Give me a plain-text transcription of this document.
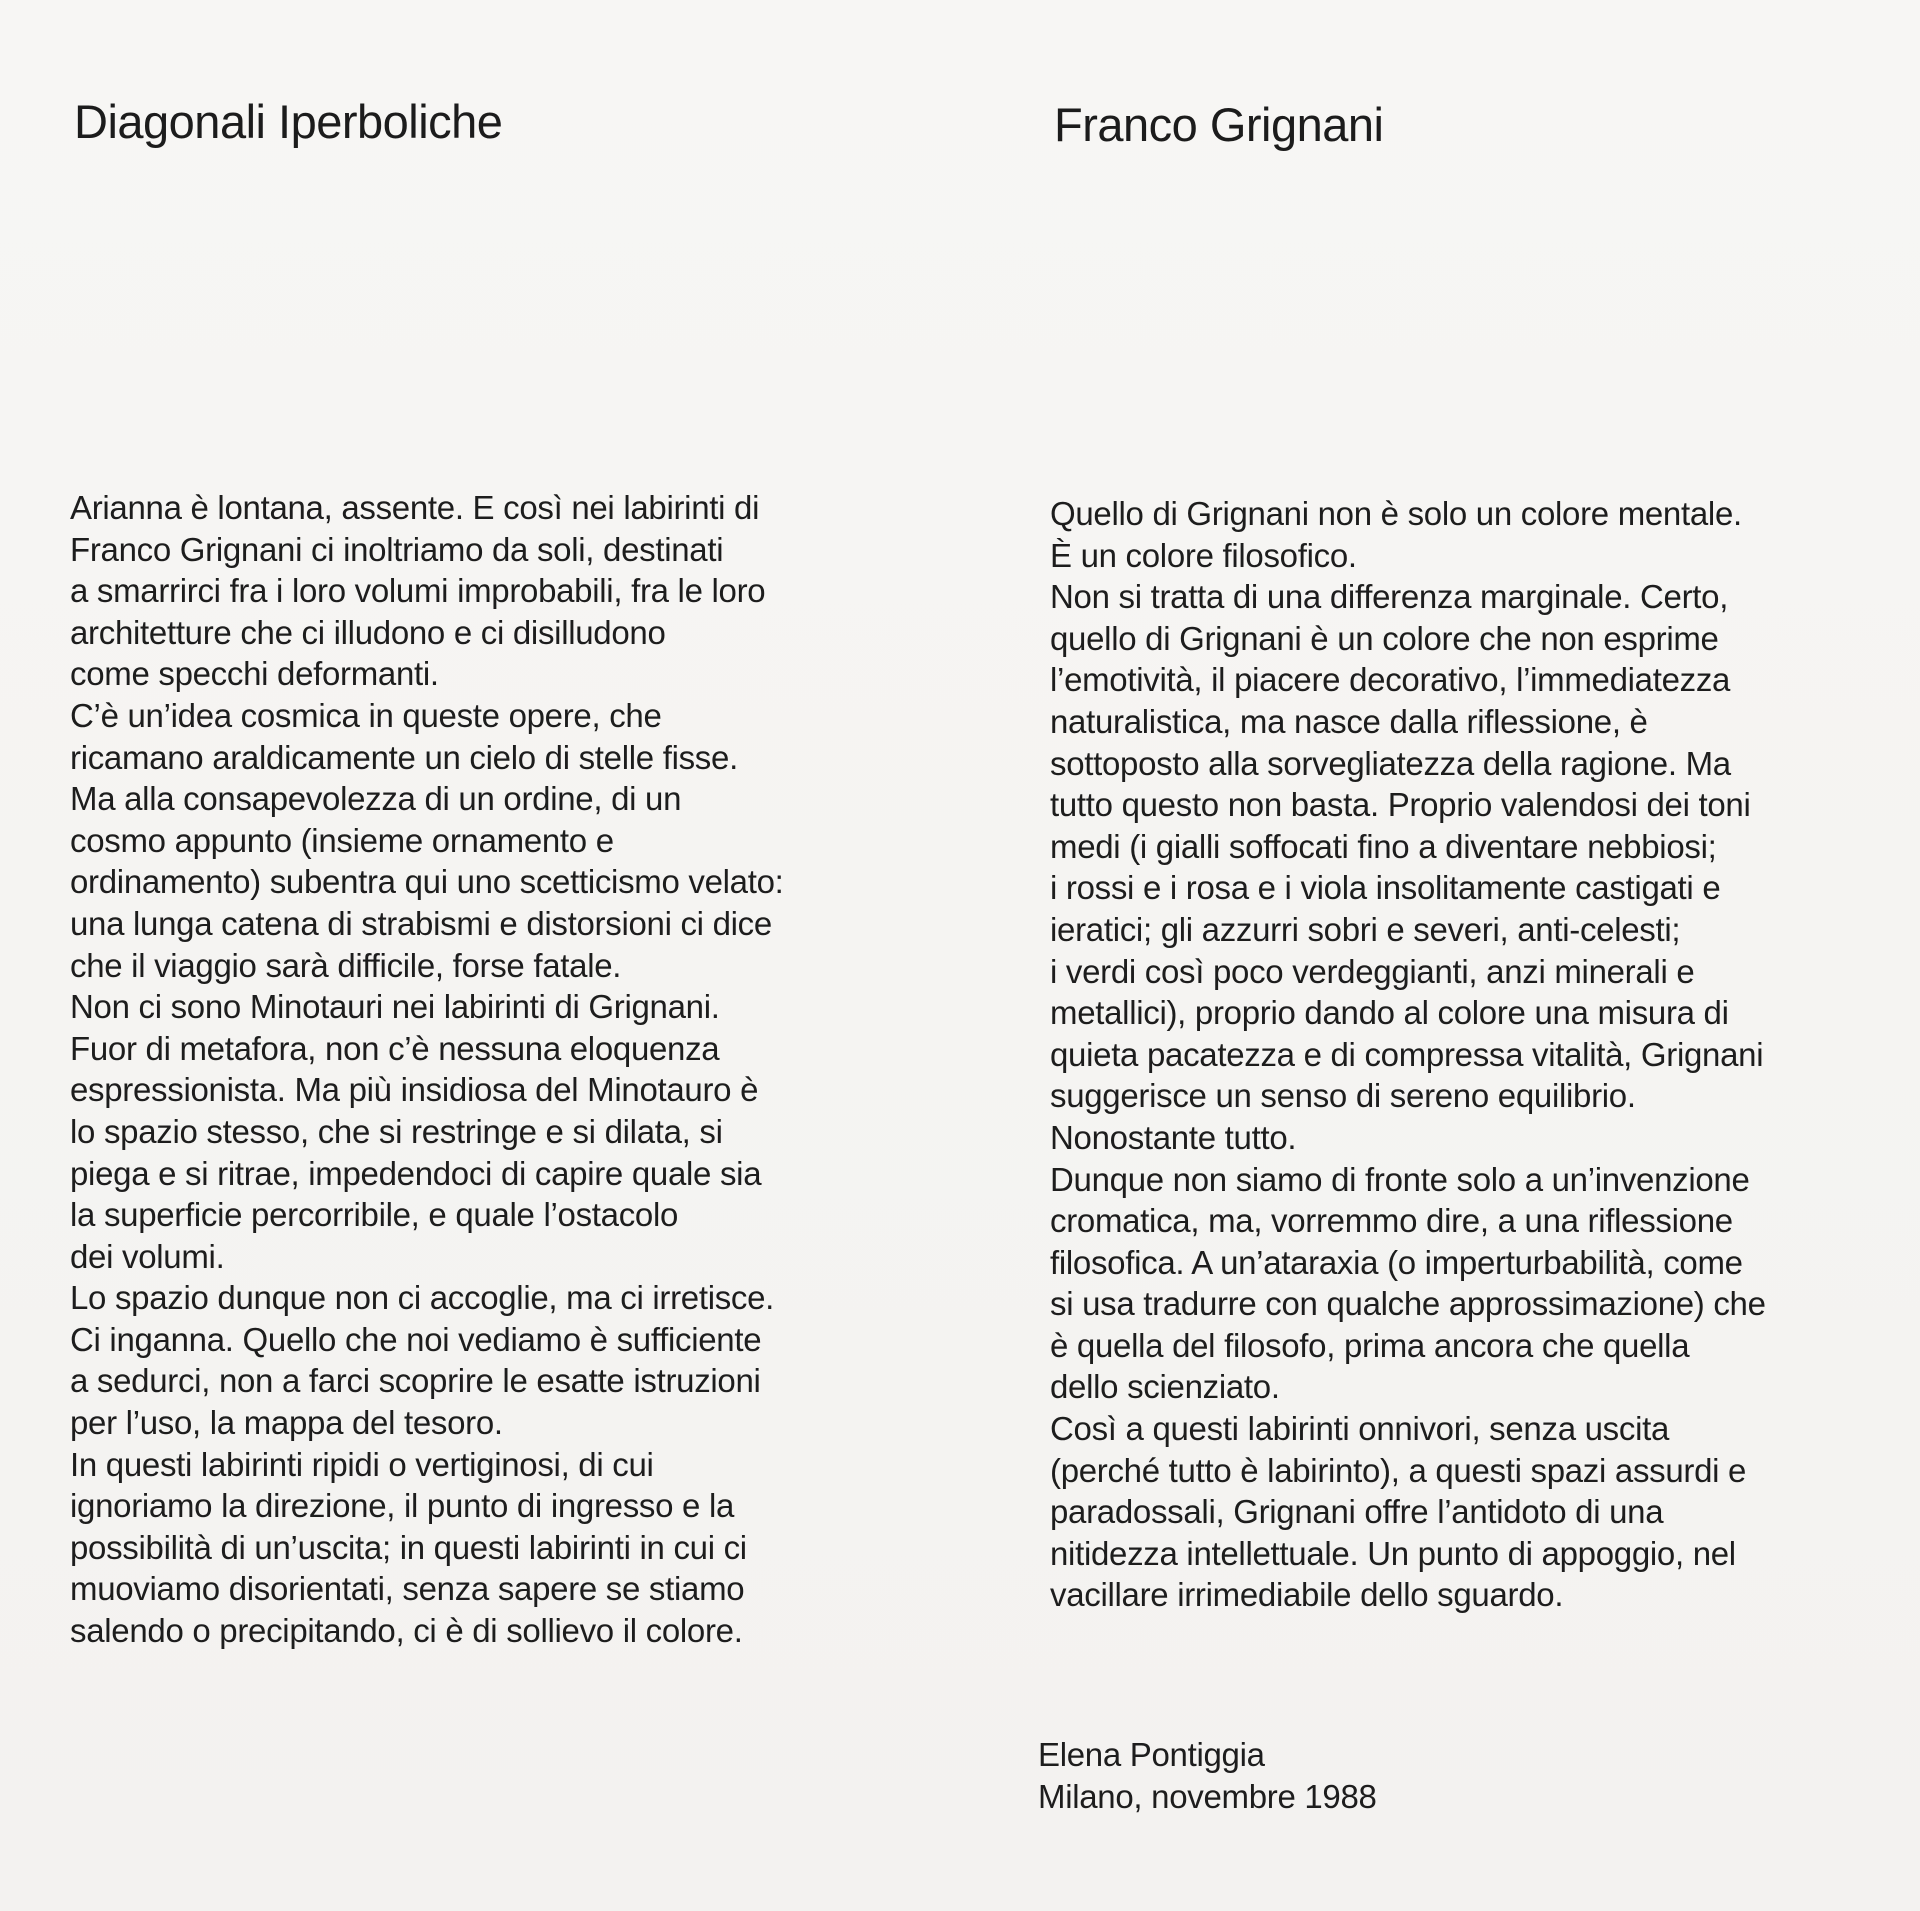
Diagonali Iperboliche	Franco Grignani
Arianna è lontana, assente. E così nei labirinti di
Franco Grignani ci inoltriamo da soli, destinati
a smarrirci fra i loro volumi improbabili, fra le loro
architetture che ci illudono e ci disilludono
come specchi deformanti.
C’è un’idea cosmica in queste opere, che
ricamano araldicamente un cielo di stelle fisse.
Ma alla consapevolezza di un ordine, di un
cosmo appunto (insieme ornamento e
ordinamento) subentra qui uno scetticismo velato:
una lunga catena di strabismi e distorsioni ci dice
che il viaggio sarà difficile, forse fatale.
Non ci sono Minotauri nei labirinti di Grignani.
Fuor di metafora, non c’è nessuna eloquenza
espressionista. Ma più insidiosa del Minotauro è
lo spazio stesso, che si restringe e si dilata, si
piega e si ritrae, impedendoci di capire quale sia
la superficie percorribile, e quale l’ostacolo
dei volumi.
Lo spazio dunque non ci accoglie, ma ci irretisce.
Ci inganna. Quello che noi vediamo è sufficiente
a sedurci, non a farci scoprire le esatte istruzioni
per l’uso, la mappa del tesoro.
In questi labirinti ripidi o vertiginosi, di cui
ignoriamo la direzione, il punto di ingresso e la
possibilità di un’uscita; in questi labirinti in cui ci
muoviamo disorientati, senza sapere se stiamo
salendo o precipitando, ci è di sollievo il colore.
Quello di Grignani non è solo un colore mentale.
È un colore filosofico.
Non si tratta di una differenza marginale. Certo,
quello di Grignani è un colore che non esprime
l’emotività, il piacere decorativo, l’immediatezza
naturalistica, ma nasce dalla riflessione, è
sottoposto alla sorvegliatezza della ragione. Ma
tutto questo non basta. Proprio valendosi dei toni
medi (i gialli soffocati fino a diventare nebbiosi;
i rossi e i rosa e i viola insolitamente castigati e
ieratici; gli azzurri sobri e severi, anti-celesti;
i verdi così poco verdeggianti, anzi minerali e
metallici), proprio dando al colore una misura di
quieta pacatezza e di compressa vitalità, Grignani
suggerisce un senso di sereno equilibrio.
Nonostante tutto.
Dunque non siamo di fronte solo a un’invenzione
cromatica, ma, vorremmo dire, a una riflessione
filosofica. A un’ataraxia (o imperturbabilità, come
si usa tradurre con qualche approssimazione) che
è quella del filosofo, prima ancora che quella
dello scienziato.
Così a questi labirinti onnivori, senza uscita
(perché tutto è labirinto), a questi spazi assurdi e
paradossali, Grignani offre l’antidoto di una
nitidezza intellettuale. Un punto di appoggio, nel
vacillare irrimediabile dello sguardo.
Elena Pontiggia
Milano, novembre 1988
